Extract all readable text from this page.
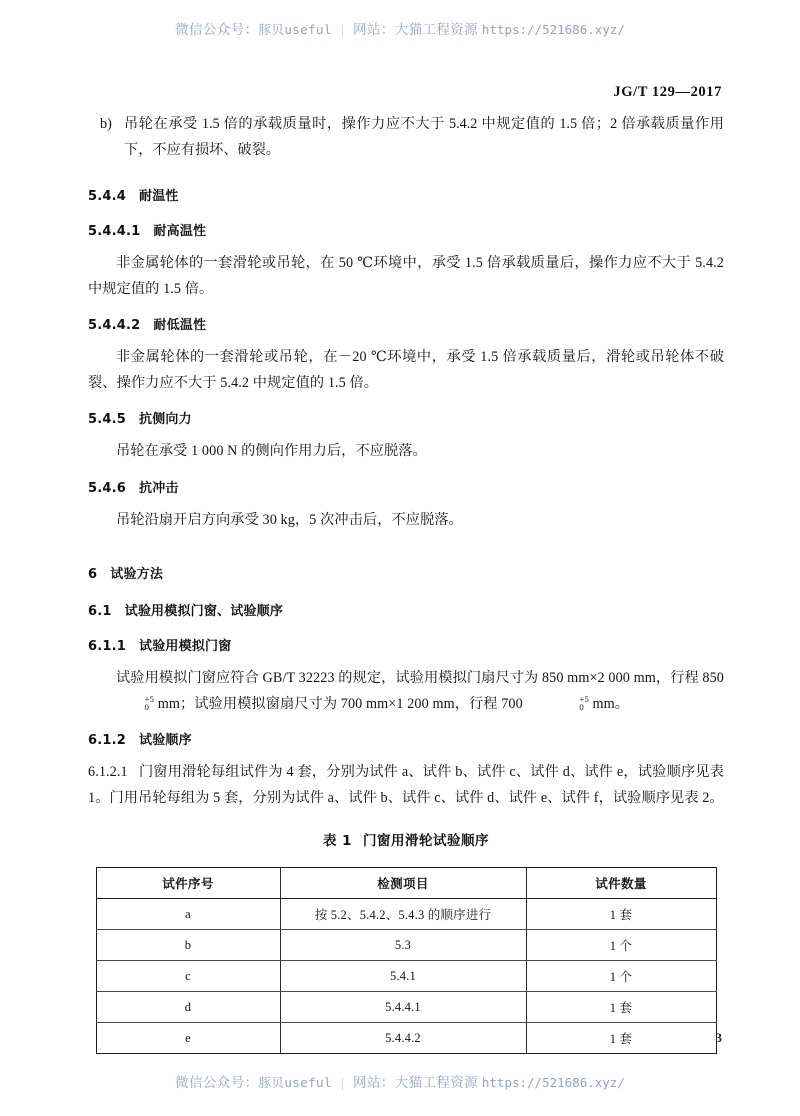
微信公众号：豚贝useful | 网站：大猫工程资源 https://521686.xyz/
JG/T 129—2017
b) 吊轮在承受 1.5 倍的承载质量时，操作力应不大于 5.4.2 中规定值的 1.5 倍；2 倍承载质量作用下，不应有损坏、破裂。
5.4.4 耐温性
5.4.4.1 耐高温性

非金属轮体的一套滑轮或吊轮，在 50 ℃环境中，承受 1.5 倍承载质量后，操作力应不大于 5.4.2 中规定值的 1.5 倍。

5.4.4.2 耐低温性

非金属轮体的一套滑轮或吊轮，在－20 ℃环境中，承受 1.5 倍承载质量后，滑轮或吊轮体不破裂、操作力应不大于 5.4.2 中规定值的 1.5 倍。

5.4.5 抗侧向力

吊轮在承受 1 000 N 的侧向作用力后，不应脱落。

5.4.6 抗冲击

吊轮沿扇开启方向承受 30 kg，5 次冲击后，不应脱落。

6 试验方法
6.1 试验用模拟门窗、试验顺序
6.1.1 试验用模拟门窗

试验用模拟门窗应符合 GB/T 32223 的规定，试验用模拟门扇尺寸为 850 mm×2 000 mm，行程 850
+5
0 mm；试验用模拟窗扇尺寸为 700 mm×1 200 mm，行程 700	+5
0 mm。

6.1.2 试验顺序

6.1.2.1 门窗用滑轮每组试件为 4 套，分别为试件 a、试件 b、试件 c、试件 d、试件 e，试验顺序见表 1。门用吊轮每组为 5 套，分别为试件 a、试件 b、试件 c、试件 d、试件 e、试件 f，试验顺序见表 2。

表 1 门窗用滑轮试验顺序
试件序号	检测项目	试件数量
a	按 5.2、5.4.2、5.4.3 的顺序进行	1 套
b	5.3	1 个
c	5.4.1	1 个
d	5.4.4.1	1 套
e	5.4.4.2	1 套	3
微信公众号：豚贝useful | 网站：大猫工程资源 https://521686.xyz/
